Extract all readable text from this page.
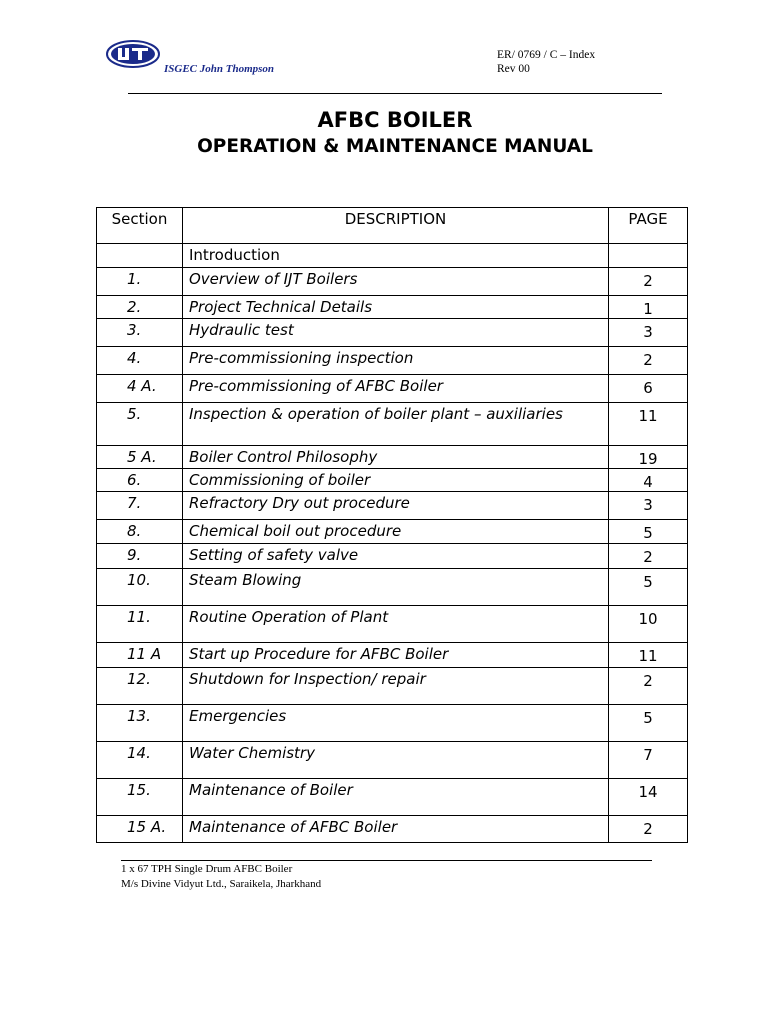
ISGEC John Thompson
ER/ 0769 / C – Index
Rev 00
AFBC BOILER
OPERATION & MAINTENANCE MANUAL
Section	DESCRIPTION	PAGE
	Introduction	
1.	Overview of IJT Boilers	2
2.	Project Technical Details	1
3.	Hydraulic test	3
4.	Pre-commissioning inspection	2
4 A.	Pre-commissioning of AFBC Boiler	6
5.	Inspection & operation of boiler plant – auxiliaries	11
5 A.	Boiler Control Philosophy	19
6.	Commissioning of boiler	4
7.	Refractory Dry out procedure	3
8.	Chemical boil out procedure	5
9.	Setting of safety valve	2
10.	Steam Blowing	5
11.	Routine Operation of Plant	10
11 A	Start up Procedure for AFBC Boiler	11
12.	Shutdown for Inspection/ repair	2
13.	Emergencies	5
14.	Water Chemistry	7
15.	Maintenance of Boiler	14
15 A.	Maintenance of AFBC Boiler	2
1 x 67 TPH Single Drum AFBC Boiler
M/s Divine Vidyut Ltd., Saraikela, Jharkhand
